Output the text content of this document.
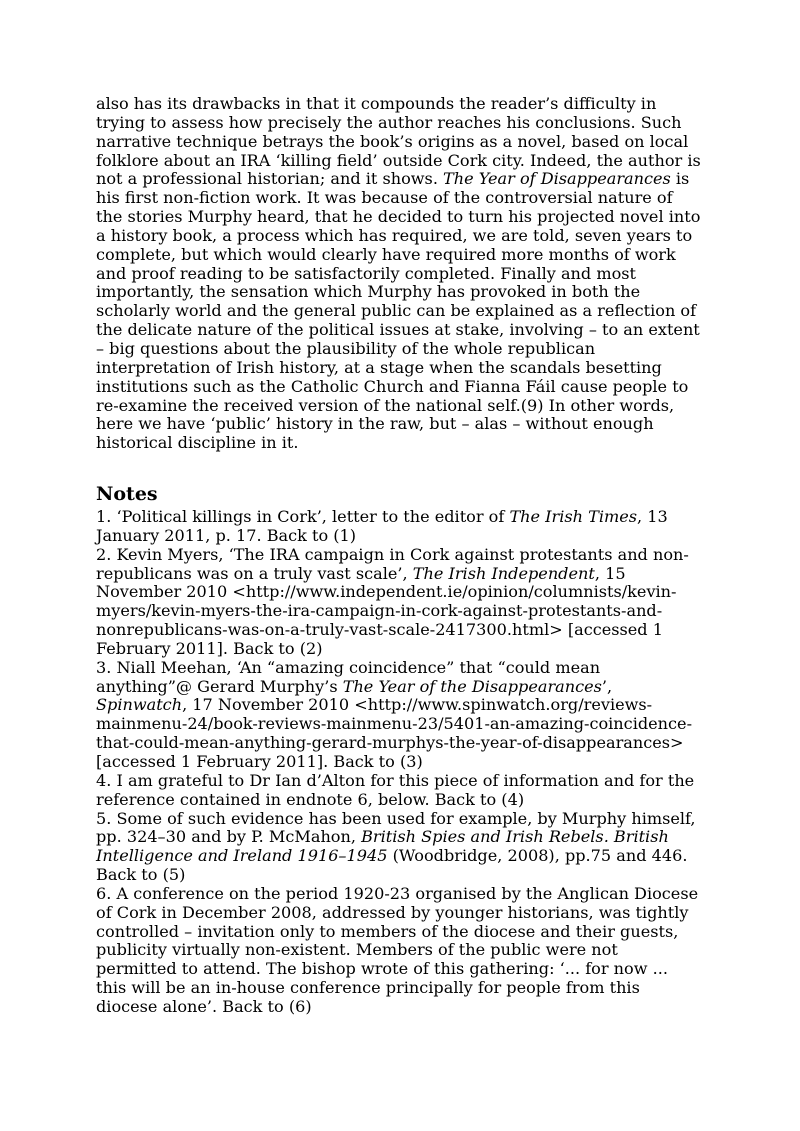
also has its drawbacks in that it compounds the reader’s difficulty in
trying to assess how precisely the author reaches his conclusions. Such
narrative technique betrays the book’s origins as a novel, based on local
folklore about an IRA ‘killing field’ outside Cork city. Indeed, the author is
not a professional historian; and it shows. The Year of Disappearances is
his first non-fiction work. It was because of the controversial nature of
the stories Murphy heard, that he decided to turn his projected novel into
a history book, a process which has required, we are told, seven years to
complete, but which would clearly have required more months of work
and proof reading to be satisfactorily completed. Finally and most
importantly, the sensation which Murphy has provoked in both the
scholarly world and the general public can be explained as a reflection of
the delicate nature of the political issues at stake, involving – to an extent
– big questions about the plausibility of the whole republican
interpretation of Irish history, at a stage when the scandals besetting
institutions such as the Catholic Church and Fianna Fáil cause people to
re-examine the received version of the national self.(9) In other words,
here we have ‘public’ history in the raw, but – alas – without enough
historical discipline in it.
Notes
1. ‘Political killings in Cork’, letter to the editor of The Irish Times, 13
January 2011, p. 17. Back to (1)
2. Kevin Myers, ‘The IRA campaign in Cork against protestants and non-
republicans was on a truly vast scale’, The Irish Independent, 15
November 2010 <http://www.independent.ie/opinion/columnists/kevin-
myers/kevin-myers-the-ira-campaign-in-cork-against-protestants-and-
nonrepublicans-was-on-a-truly-vast-scale-2417300.html> [accessed 1
February 2011]. Back to (2)
3. Niall Meehan, ‘An “amazing coincidence” that “could mean
anything”@ Gerard Murphy’s The Year of the Disappearances’,
Spinwatch, 17 November 2010 <http://www.spinwatch.org/reviews-
mainmenu-24/book-reviews-mainmenu-23/5401-an-amazing-coincidence-
that-could-mean-anything-gerard-murphys-the-year-of-disappearances>
[accessed 1 February 2011]. Back to (3)
4. I am grateful to Dr Ian d’Alton for this piece of information and for the
reference contained in endnote 6, below. Back to (4)
5. Some of such evidence has been used for example, by Murphy himself,
pp. 324–30 and by P. McMahon, British Spies and Irish Rebels. British
Intelligence and Ireland 1916–1945 (Woodbridge, 2008), pp.75 and 446.
Back to (5)
6. A conference on the period 1920-23 organised by the Anglican Diocese
of Cork in December 2008, addressed by younger historians, was tightly
controlled – invitation only to members of the diocese and their guests,
publicity virtually non-existent. Members of the public were not
permitted to attend. The bishop wrote of this gathering: ‘... for now ...
this will be an in-house conference principally for people from this
diocese alone’. Back to (6)
